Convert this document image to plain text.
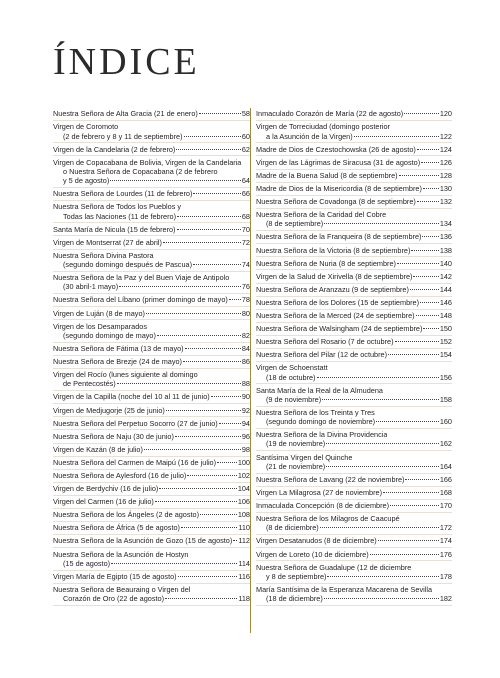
ÍNDICE
Nuestra Señora de Alta Gracia (21 de enero)	58
Virgen de Coromoto
(2 de febrero y 8 y 11 de septiembre)	60
Virgen de la Candelaria (2 de febrero)	62
Virgen de Copacabana de Bolivia, Virgen de la Candelaria
o Nuestra Señora de Copacabana (2 de febrero
y 5 de agosto)	64
Nuestra Señora de Lourdes (11 de febrero)	66
Nuestra Señora de Todos los Pueblos y
Todas las Naciones (11 de febrero)	68
Santa María de Nicula (15 de febrero)	70
Virgen de Montserrat (27 de abril)	72
Nuestra Señora Divina Pastora
(segundo domingo después de Pascua)	74
Nuestra Señora de la Paz y del Buen Viaje de Antipolo
(30 abril-1 mayo)	76
Nuestra Señora del Líbano (primer domingo de mayo) 78
Virgen de Luján (8 de mayo)	80
Virgen de los Desamparados
(segundo domingo de mayo)	82
Nuestra Señora de Fátima (13 de mayo)	84
Nuestra Señora de Brezje (24 de mayo)	86
Virgen del Rocío (lunes siguiente al domingo
de Pentecostés)	88
Virgen de la Capilla (noche del 10 al 11 de junio)	90
Virgen de Medjugorje (25 de junio)	92
Nuestra Señora del Perpetuo Socorro (27 de junio)	94
Nuestra Señora de Naju (30 de junio)	96
Virgen de Kazán (8 de julio)	98
Nuestra Señora del Carmen de Maipú (16 de julio)	100
Nuestra Señora de Aylesford (16 de julio)	102
Virgen de Berdychiv (16 de julio)	104
Virgen del Carmen (16 de julio)	106
Nuestra Señora de los Ángeles (2 de agosto)	108
Nuestra Señora de África (5 de agosto)	110
Nuestra Señora de la Asunción de Gozo (15 de agosto) 112
Nuestra Señora de la Asunción de Hostyn
(15 de agosto)	114
Virgen María de Egipto (15 de agosto)	116
Nuestra Señora de Beauraing o Virgen del
Corazón de Oro (22 de agosto)	118
Inmaculado Corazón de María (22 de agosto)	120
Virgen de Torreciudad (domingo posterior
a la Asunción de la Virgen)	122
Madre de Dios de Czestochowska (26 de agosto)	124
Virgen de las Lágrimas de Siracusa (31 de agosto)	126
Madre de la Buena Salud (8 de septiembre)	128
Madre de Dios de la Misericordia (8 de septiembre) 130
Nuestra Señora de Covadonga (8 de septiembre)	132
Nuestra Señora de la Caridad del Cobre
(8 de septiembre)	134
Nuestra Señora de la Franqueira (8 de septiembre)	136
Nuestra Señora de la Victoria (8 de septiembre)	138
Nuestra Señora de Nuria (8 de septiembre)	140
Virgen de la Salud de Xirivella (8 de septiembre)	142
Nuestra Señora de Aranzazu (9 de septiembre)	144
Nuestra Señora de los Dolores (15 de septiembre)	146
Nuestra Señora de la Merced (24 de septiembre)	148
Nuestra Señora de Walsingham (24 de septiembre) 150
Nuestra Señora del Rosario (7 de octubre)	152
Nuestra Señora del Pilar (12 de octubre)	154
Virgen de Schoenstatt
(18 de octubre)	156
Santa María de la Real de la Almudena
(9 de noviembre)	158
Nuestra Señora de los Treinta y Tres
(segundo domingo de noviembre)	160
Nuestra Señora de la Divina Providencia
(19 de noviembre)	162
Santísima Virgen del Quinche
(21 de noviembre)	164
Nuestra Señora de Lavang (22 de noviembre)	166
Virgen La Milagrosa (27 de noviembre)	168
Inmaculada Concepción (8 de diciembre)	170
Nuestra Señora de los Milagros de Caacupé
(8 de diciembre)	172
Virgen Desatanudos (8 de diciembre)	174
Virgen de Loreto (10 de diciembre)	176
Nuestra Señora de Guadalupe (12 de diciembre
y 8 de septiembre)	178
María Santísima de la Esperanza Macarena de Sevilla
(18 de diciembre)	182
